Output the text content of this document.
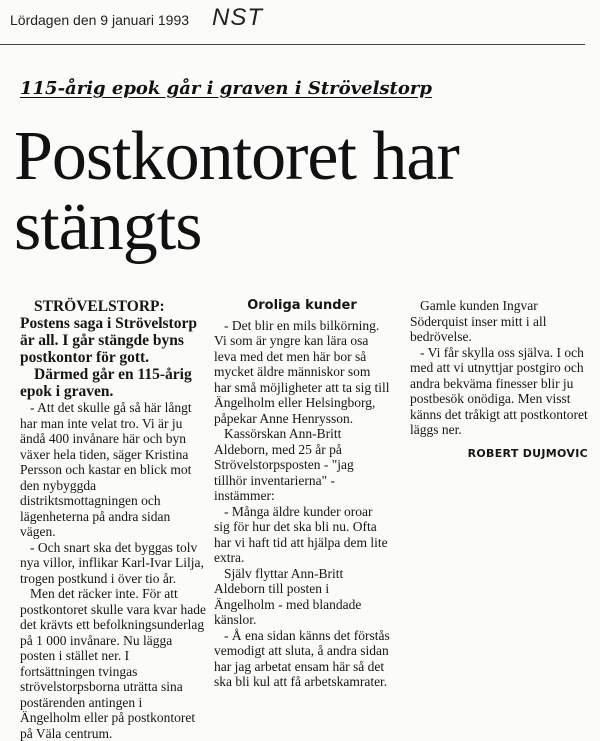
Lördagen den 9 januari 1993 NST
115-årig epok går i graven i Strövelstorp
Postkontoret har stängts

STRÖVELSTORP: Postens saga i Strövelstorp är all. I går stängde byns postkontor för gott.

Därmed går en 115-årig epok i graven.

- Att det skulle gå så här långt har man inte velat tro. Vi är ju ändå 400 invånare här och byn växer hela tiden, säger Kristina Persson och kastar en blick mot den nybyggda distriktsmottagningen och lägenheterna på andra sidan vägen.

- Och snart ska det byggas tolv nya villor, inflikar Karl-Ivar Lilja, trogen postkund i över tio år.

Men det räcker inte. För att postkontoret skulle vara kvar hade det krävts ett befolkningsunderlag på 1 000 invånare. Nu lägga posten i stället ner. I fortsättningen tvingas strövelstorpsborna uträtta sina postärenden antingen i Ängelholm eller på postkontoret på Väla centrum.

Oroliga kunder

- Det blir en mils bilkörning. Vi som är yngre kan lära osa leva med det men här bor så mycket äldre människor som har små möjligheter att ta sig till Ängelholm eller Helsingborg, påpekar Anne Henrysson.

Kassörskan Ann-Britt Aldeborn, med 25 år på Strövelstorpsposten - "jag tillhör inventarierna" - instämmer:

- Många äldre kunder oroar sig för hur det ska bli nu. Ofta har vi haft tid att hjälpa dem lite extra.

Själv flyttar Ann-Britt Aldeborn till posten i Ängelholm - med blandade känslor.

- Å ena sidan känns det förstås vemodigt att sluta, å andra sidan har jag arbetat ensam här så det ska bli kul att få arbetskamrater.

Gamle kunden Ingvar Söderquist inser mitt i all bedrövelse.

- Vi får skylla oss själva. I och med att vi utnyttjar postgiro och andra bekväma finesser blir ju postbesök onödiga. Men visst känns det tråkigt att postkontoret läggs ner.

ROBERT DUJMOVIC
